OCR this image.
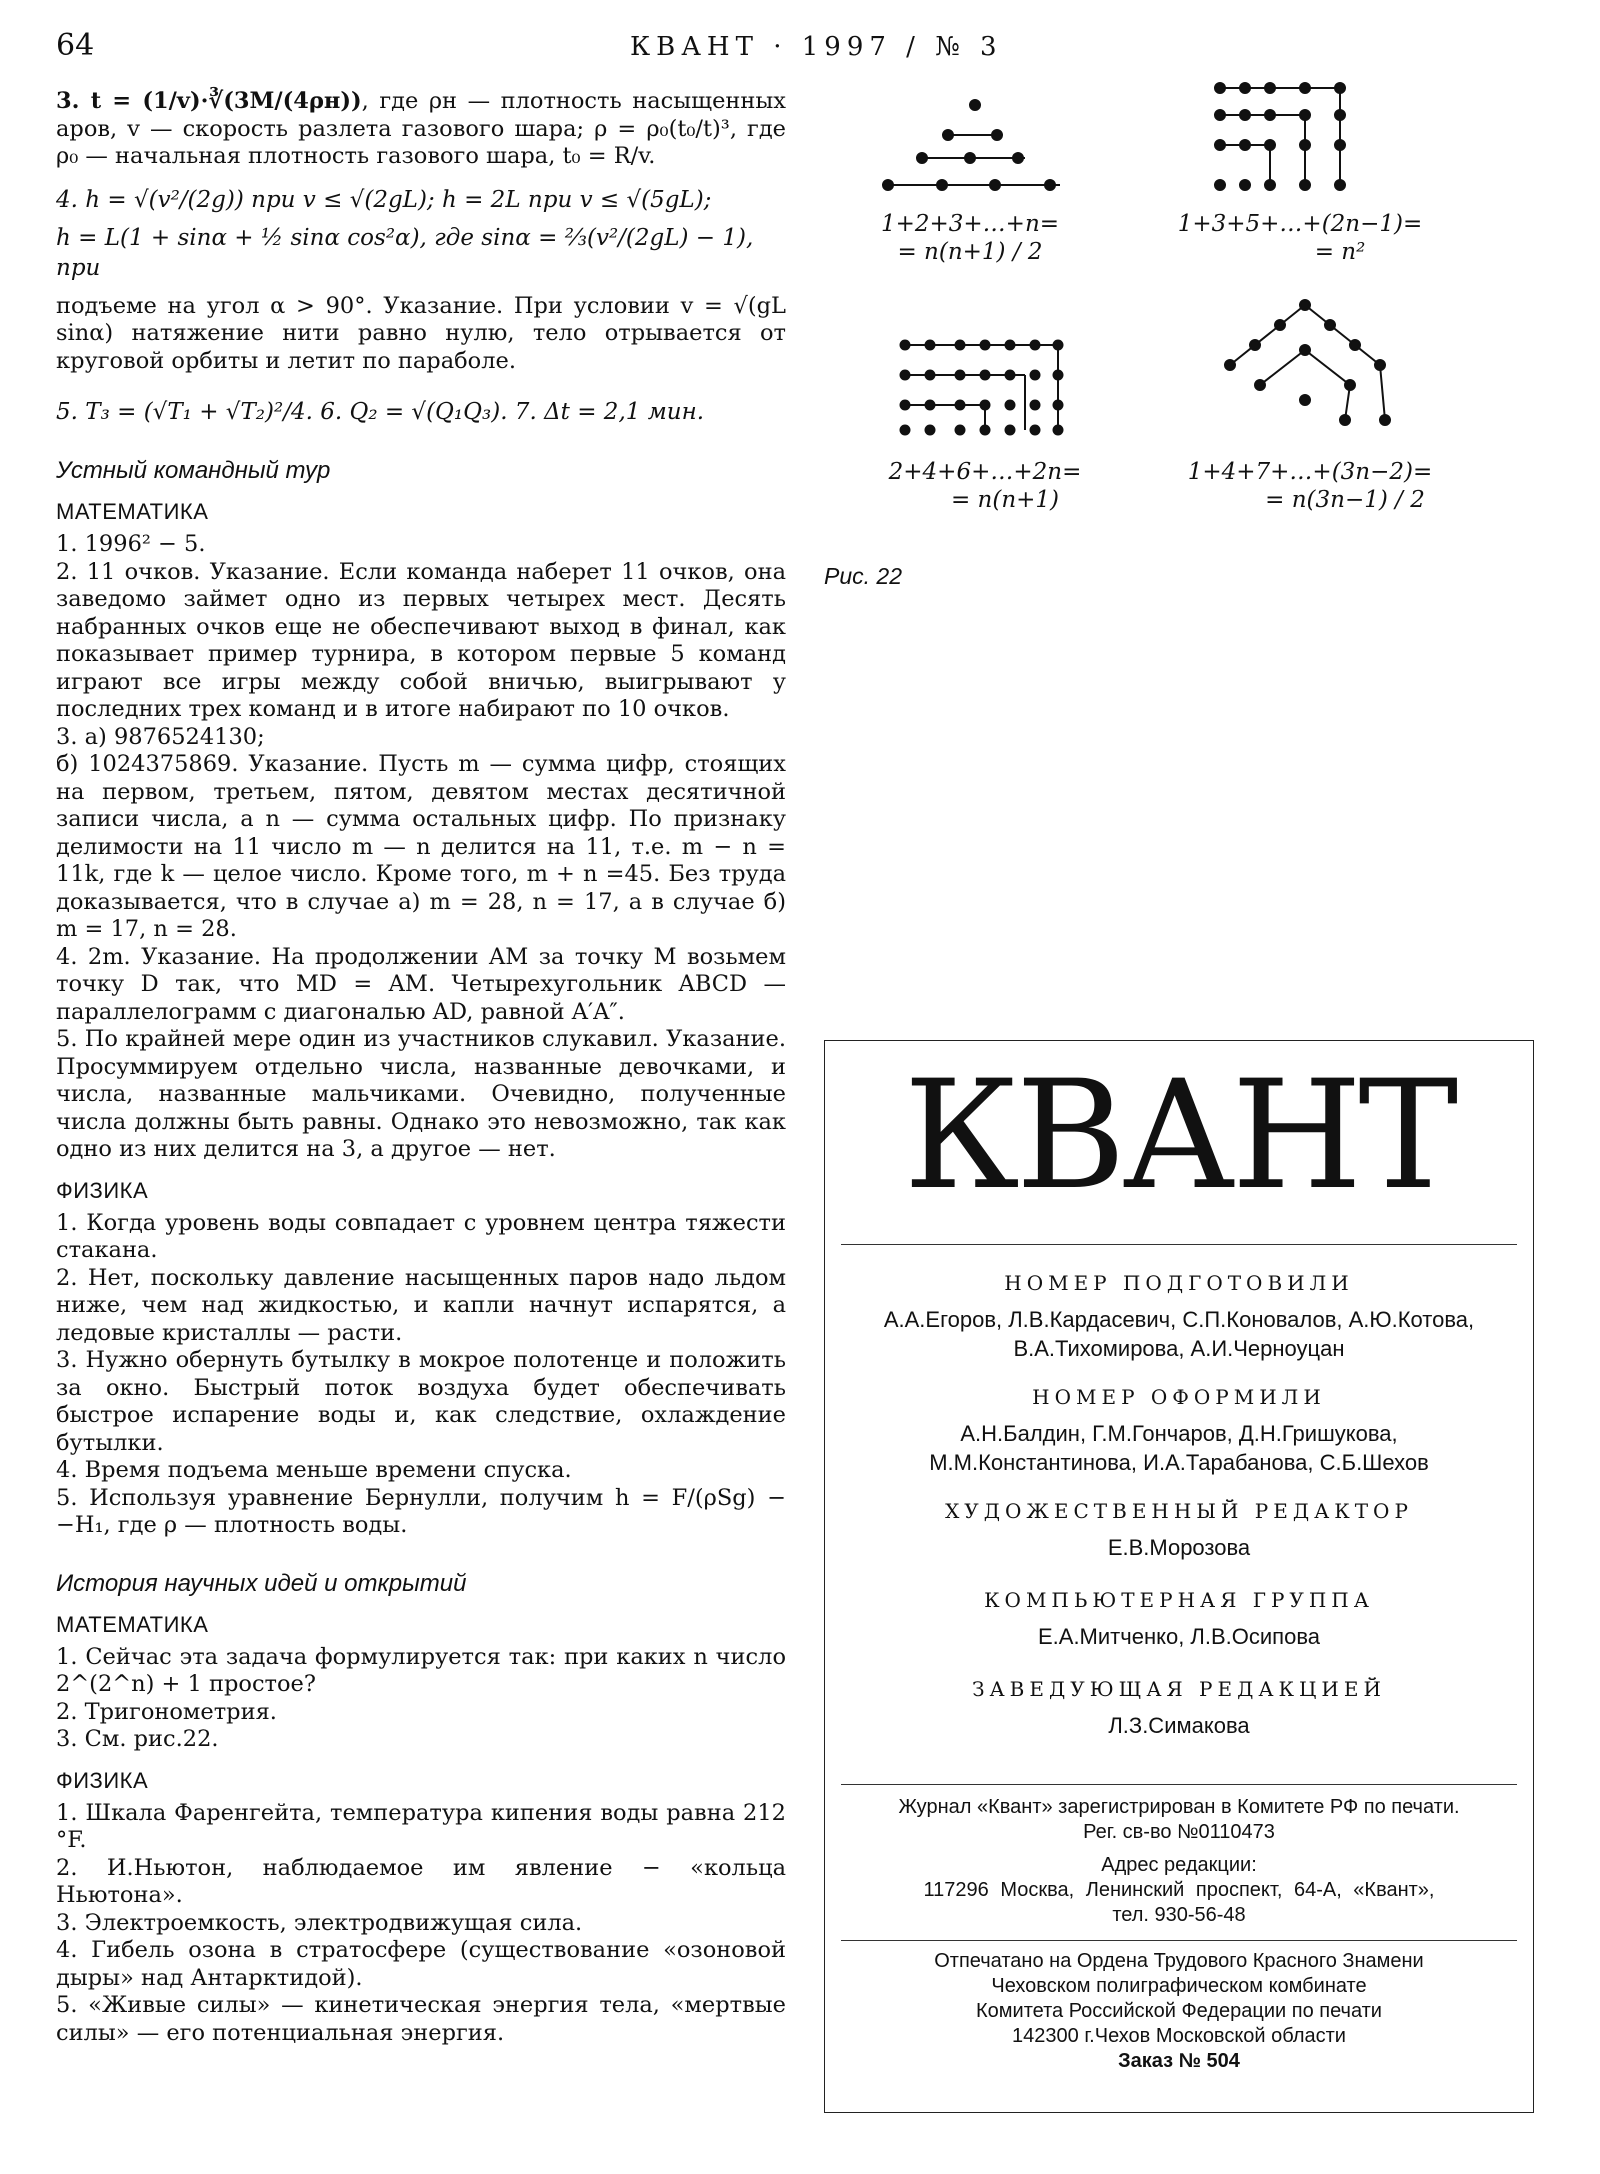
64	КВАНТ · 1997 / № 3

3. t = (1/v)·∛(3M/(4ρн)), где ρн — плотность насыщенных аров, v — скорость разлета газового шара; ρ = ρ₀(t₀/t)³, где ρ₀ — начальная плотность газового шара, t₀ = R/v.

4. h = √(v²/(2g)) при v ≤ √(2gL); h = 2L при v ≤ √(5gL);

h = L(1 + sinα + ½ sinα cos²α), где sinα = ⅔(v²/(2gL) − 1), при

подъеме на угол α > 90°. Указание. При условии v = √(gL sinα) натяжение нити равно нулю, тело отрывается от круговой орбиты и летит по параболе.

5. T₃ = (√T₁ + √T₂)²/4. 6. Q₂ = √(Q₁Q₃). 7. Δt = 2,1 мин.

Устный командный тур
МАТЕМАТИКА
1. 1996² − 5.
2. 11 очков. Указание. Если команда наберет 11 очков, она заведомо займет одно из первых четырех мест. Десять набранных очков еще не обеспечивают выход в финал, как показывает пример турнира, в котором первые 5 команд играют все игры между собой вничью, выигрывают у последних трех команд и в итоге набирают по 10 очков.
3. а) 9876524130;
б) 1024375869. Указание. Пусть m — сумма цифр, стоящих на первом, третьем, пятом, девятом местах десятичной записи числа, а n — сумма остальных цифр. По признаку делимости на 11 число m — n делится на 11, т.е. m − n = 11k, где k — целое число. Кроме того, m + n =45. Без труда доказывается, что в случае а) m = 28, n = 17, а в случае б) m = 17, n = 28.
4. 2m. Указание. На продолжении AM за точку M возьмем точку D так, что MD = AM. Четырехугольник ABCD — параллелограмм с диагональю AD, равной A′A″.
5. По крайней мере один из участников слукавил. Указание. Просуммируем отдельно числа, названные девочками, и числа, названные мальчиками. Очевидно, полученные числа должны быть равны. Однако это невозможно, так как одно из них делится на 3, а другое — нет.
ФИЗИКА
1. Когда уровень воды совпадает с уровнем центра тяжести стакана.
2. Нет, поскольку давление насыщенных паров надо льдом ниже, чем над жидкостью, и капли начнут испарятся, а ледовые кристаллы — расти.
3. Нужно обернуть бутылку в мокрое полотенце и положить за окно. Быстрый поток воздуха будет обеспечивать быстрое испарение воды и, как следствие, охлаждение бутылки.
4. Время подъема меньше времени спуска.
5. Используя уравнение Бернулли, получим h = F/(ρSg) − −H₁, где ρ — плотность воды.
История научных идей и открытий
МАТЕМАТИКА
1. Сейчас эта задача формулируется так: при каких n число 2^(2^n) + 1 простое?
2. Тригонометрия.
3. См. рис.22.
ФИЗИКА
1. Шкала Фаренгейта, температура кипения воды равна 212 °F.
2. И.Ньютон, наблюдаемое им явление − «кольца Ньютона».
3. Электроемкость, электродвижущая сила.
4. Гибель озона в стратосфере (существование «озоновой дыры» над Антарктидой).
5. «Живые силы» — кинетическая энергия тела, «мертвые силы» — его потенциальная энергия.
1+2+3+…+n=
= n(n+1) / 2
1+3+5+…+(2n−1)=
= n²
2+4+6+…+2n=
= n(n+1)
1+4+7+…+(3n−2)=
= n(3n−1) / 2
Рис. 22
КВАНТ
НОМЕР ПОДГОТОВИЛИ
А.А.Егоров, Л.В.Кардасевич, С.П.Коновалов, А.Ю.Котова, В.А.Тихомирова, А.И.Черноуцан
НОМЕР ОФОРМИЛИ
А.Н.Балдин, Г.М.Гончаров, Д.Н.Гришукова, М.М.Константинова, И.А.Тарабанова, С.Б.Шехов
ХУДОЖЕСТВЕННЫЙ РЕДАКТОР
Е.В.Морозова
КОМПЬЮТЕРНАЯ ГРУППА
Е.А.Митченко, Л.В.Осипова
ЗАВЕДУЮЩАЯ РЕДАКЦИЕЙ
Л.З.Симакова
Журнал «Квант» зарегистрирован в Комитете РФ по печати.
Рег. св-во №0110473
Адрес редакции:
117296 Москва, Ленинский проспект, 64-А, «Квант»,
тел. 930-56-48
Отпечатано на Ордена Трудового Красного Знамени
Чеховском полиграфическом комбинате
Комитета Российской Федерации по печати
142300 г.Чехов Московской области
Заказ № 504
